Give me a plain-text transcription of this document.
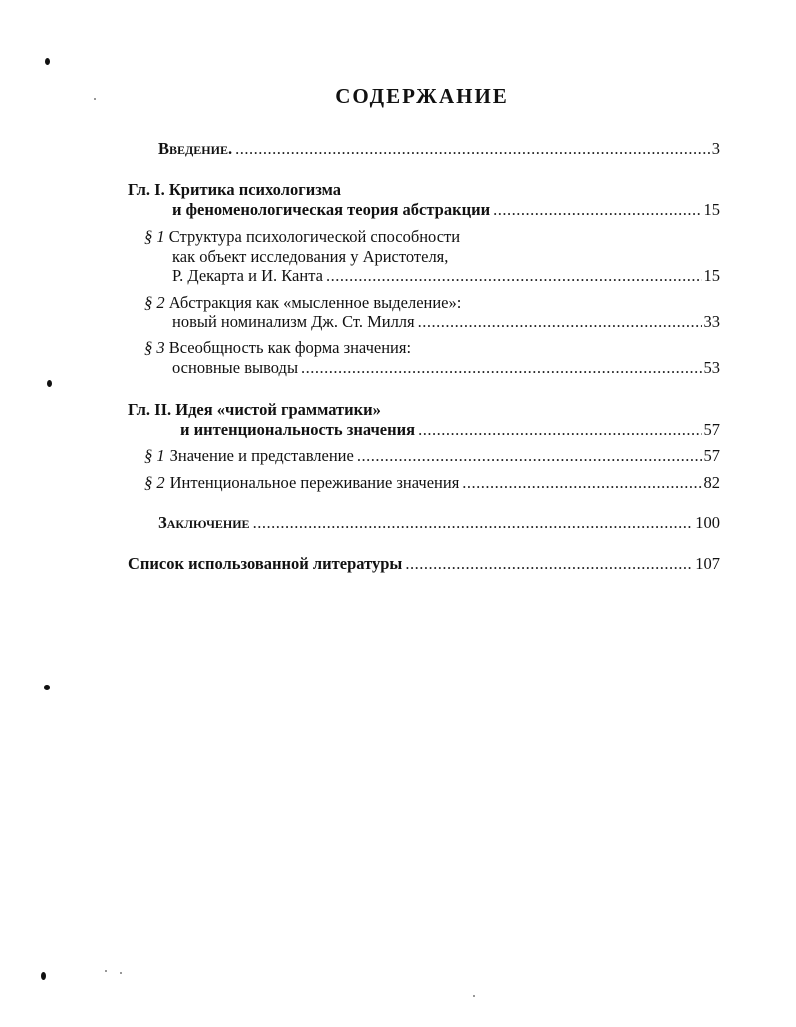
СОДЕРЖАНИЕ
Введение. .....	3
Гл. I. Критика психологизма
и феноменологическая теория абстракции .....	15
§ 1 Структура психологической способности
как объект исследования у Аристотеля,
Р. Декарта и И. Канта .....	15
§ 2 Абстракция как «мысленное выделение»:
новый номинализм Дж. Ст. Милля .....	33
§ 3 Всеобщность как форма значения:
основные выводы .....	53
Гл. II. Идея «чистой грамматики»
и интенциональность значения .....	57
§ 1 Значение и представление .....	57
§ 2 Интенциональное переживание значения .....	82
Заключение .....	100
Список использованной литературы .....	107
